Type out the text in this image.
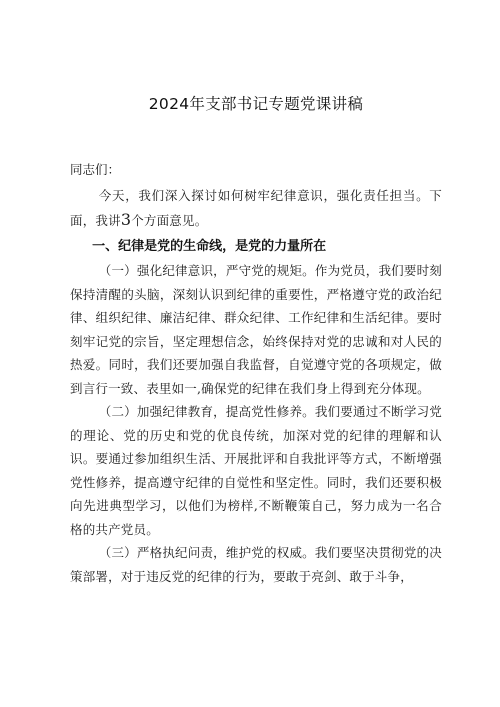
2024年支部书记专题党课讲稿
同志们：

今天，我们深入探讨如何树牢纪律意识，强化责任担当。下面，我讲3个方面意见。

一、纪律是党的生命线，是党的力量所在

（一）强化纪律意识，严守党的规矩。作为党员，我们要时刻保持清醒的头脑，深刻认识到纪律的重要性，严格遵守党的政治纪律、组织纪律、廉洁纪律、群众纪律、工作纪律和生活纪律。要时刻牢记党的宗旨，坚定理想信念，始终保持对党的忠诚和对人民的热爱。同时，我们还要加强自我监督，自觉遵守党的各项规定，做到言行一致、表里如一,确保党的纪律在我们身上得到充分体现。

（二）加强纪律教育，提高党性修养。我们要通过不断学习党的理论、党的历史和党的优良传统，加深对党的纪律的理解和认识。要通过参加组织生活、开展批评和自我批评等方式，不断增强党性修养，提高遵守纪律的自觉性和坚定性。同时，我们还要积极向先进典型学习，以他们为榜样,不断鞭策自己，努力成为一名合格的共产党员。

（三）严格执纪问责，维护党的权威。我们要坚决贯彻党的决策部署，对于违反党的纪律的行为，要敢于亮剑、敢于斗争，
